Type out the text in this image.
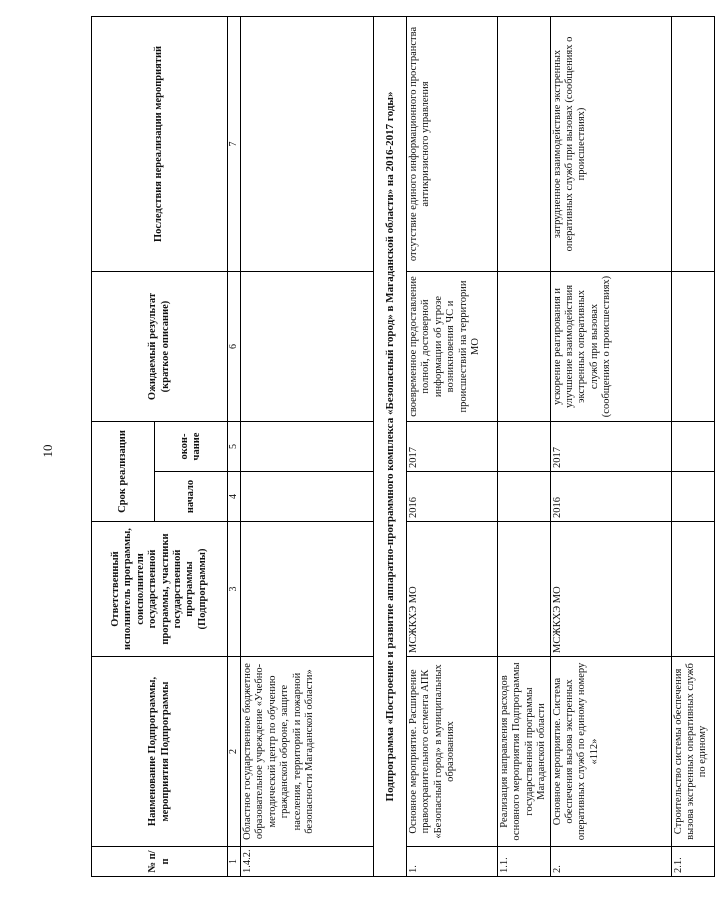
10
№ п/п	Наименование Подпрограммы, мероприятия Подпрограммы	Ответственный исполнитель программы, соисполнители государственной программы, участники государственной программы (Подпрограммы)	Срок реализации		Ожидаемый результат (краткое описание)	Последствия нереализации мероприятий
			начало	окон-чание		
1	2	3	4	5	6	7
1.4.2.	Областное государственное бюджетное образовательное учреждение «Учебно-методический центр по обучению гражданской обороне, защите населения, территорий и пожарной безопасности Магаданской области»					
Подпрограмма «Построение и развитие аппаратно-программного комплекса «Безопасный город» в Магаданской области» на 2016-2017 годы»						
1.	Основное мероприятие. Расширение правоохранительного сегмента АПК «Безопасный город» в муниципальных образованиях	МСЖКХЭ МО	2016	2017	своевременное предоставление полной, достоверной информации об угрозе возникновения ЧС и происшествий на территории МО	отсутствие единого информационного пространства антикризисного управления
1.1.	Реализация направления расходов основного мероприятия Подпрограммы государственной программы Магаданской области					
2.	Основное мероприятие. Система обеспечения вызова экстренных оперативных служб по единому номеру «112»	МСЖКХЭ МО	2016	2017	ускорение реагирования и улучшение взаимодействия экстренных оперативных служб при вызовах (сообщениях о происшествиях)	затрудненное взаимодействие экстренных оперативных служб при вызовах (сообщениях о происшествиях)
2.1.	Строительство системы обеспечения вызова экстренных оперативных служб по единому					
